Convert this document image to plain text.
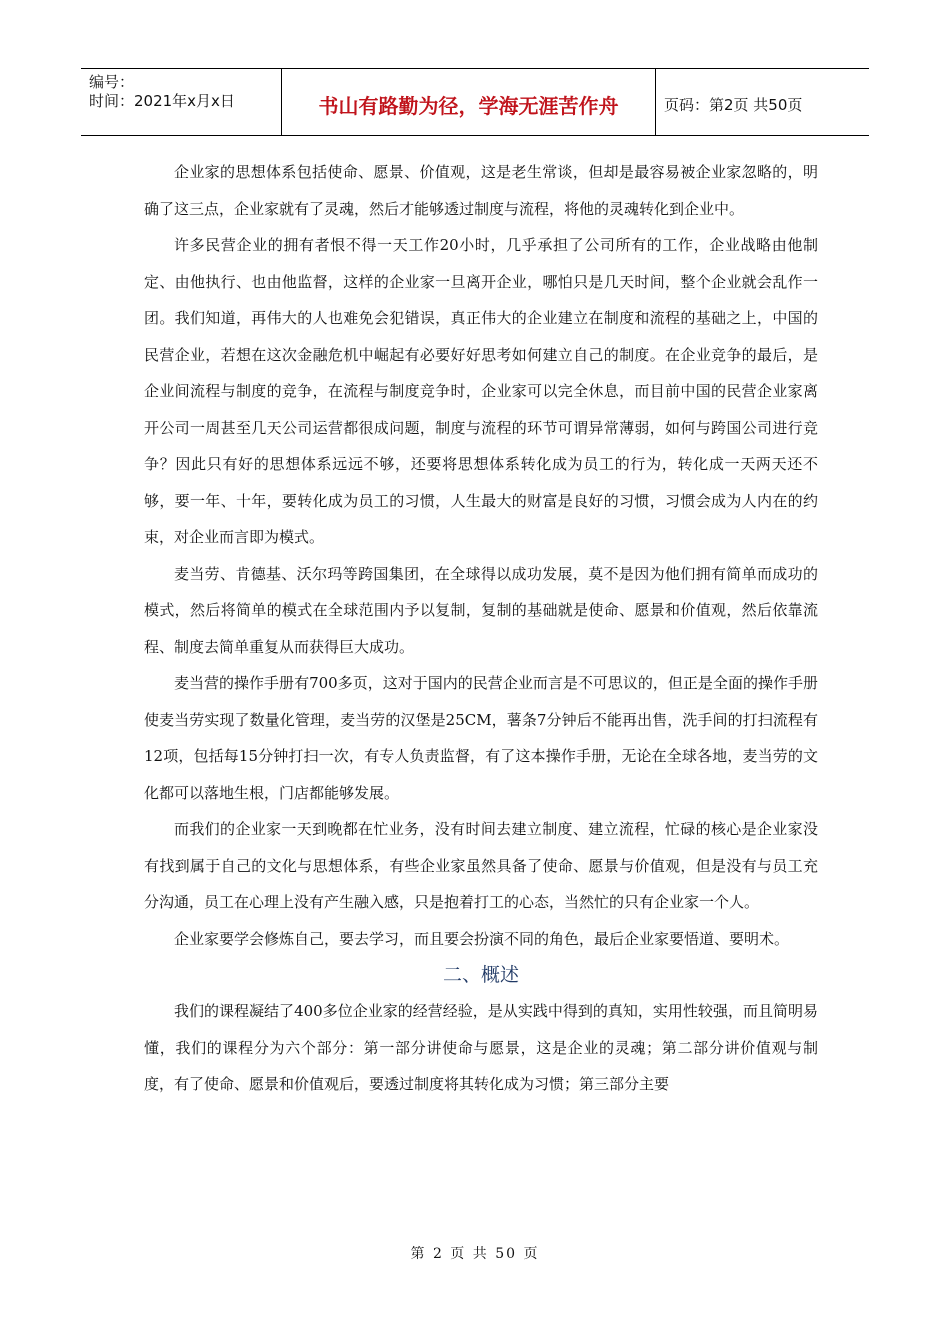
编号：
时间：2021年x月x日	书山有路勤为径，学海无涯苦作舟	页码：第2页 共50页

企业家的思想体系包括使命、愿景、价值观，这是老生常谈，但却是最容易被企业家忽略的，明确了这三点，企业家就有了灵魂，然后才能够透过制度与流程，将他的灵魂转化到企业中。

许多民营企业的拥有者恨不得一天工作20小时，几乎承担了公司所有的工作，企业战略由他制定、由他执行、也由他监督，这样的企业家一旦离开企业，哪怕只是几天时间，整个企业就会乱作一团。我们知道，再伟大的人也难免会犯错误，真正伟大的企业建立在制度和流程的基础之上，中国的民营企业，若想在这次金融危机中崛起有必要好好思考如何建立自己的制度。在企业竞争的最后，是企业间流程与制度的竞争，在流程与制度竞争时，企业家可以完全休息，而目前中国的民营企业家离开公司一周甚至几天公司运营都很成问题，制度与流程的环节可谓异常薄弱，如何与跨国公司进行竞争？因此只有好的思想体系远远不够，还要将思想体系转化成为员工的行为，转化成一天两天还不够，要一年、十年，要转化成为员工的习惯，人生最大的财富是良好的习惯，习惯会成为人内在的约束，对企业而言即为模式。

麦当劳、肯德基、沃尔玛等跨国集团，在全球得以成功发展，莫不是因为他们拥有简单而成功的模式，然后将简单的模式在全球范围内予以复制，复制的基础就是使命、愿景和价值观，然后依靠流程、制度去简单重复从而获得巨大成功。

麦当营的操作手册有700多页，这对于国内的民营企业而言是不可思议的，但正是全面的操作手册使麦当劳实现了数量化管理，麦当劳的汉堡是25CM，薯条7分钟后不能再出售，洗手间的打扫流程有12项，包括每15分钟打扫一次，有专人负责监督，有了这本操作手册，无论在全球各地，麦当劳的文化都可以落地生根，门店都能够发展。

而我们的企业家一天到晚都在忙业务，没有时间去建立制度、建立流程，忙碌的核心是企业家没有找到属于自己的文化与思想体系，有些企业家虽然具备了使命、愿景与价值观，但是没有与员工充分沟通，员工在心理上没有产生融入感，只是抱着打工的心态，当然忙的只有企业家一个人。

企业家要学会修炼自己，要去学习，而且要会扮演不同的角色，最后企业家要悟道、要明术。

二、概述

我们的课程凝结了400多位企业家的经营经验，是从实践中得到的真知，实用性较强，而且简明易懂，我们的课程分为六个部分：第一部分讲使命与愿景，这是企业的灵魂；第二部分讲价值观与制度，有了使命、愿景和价值观后，要透过制度将其转化成为习惯；第三部分主要

第 2 页 共 50 页
